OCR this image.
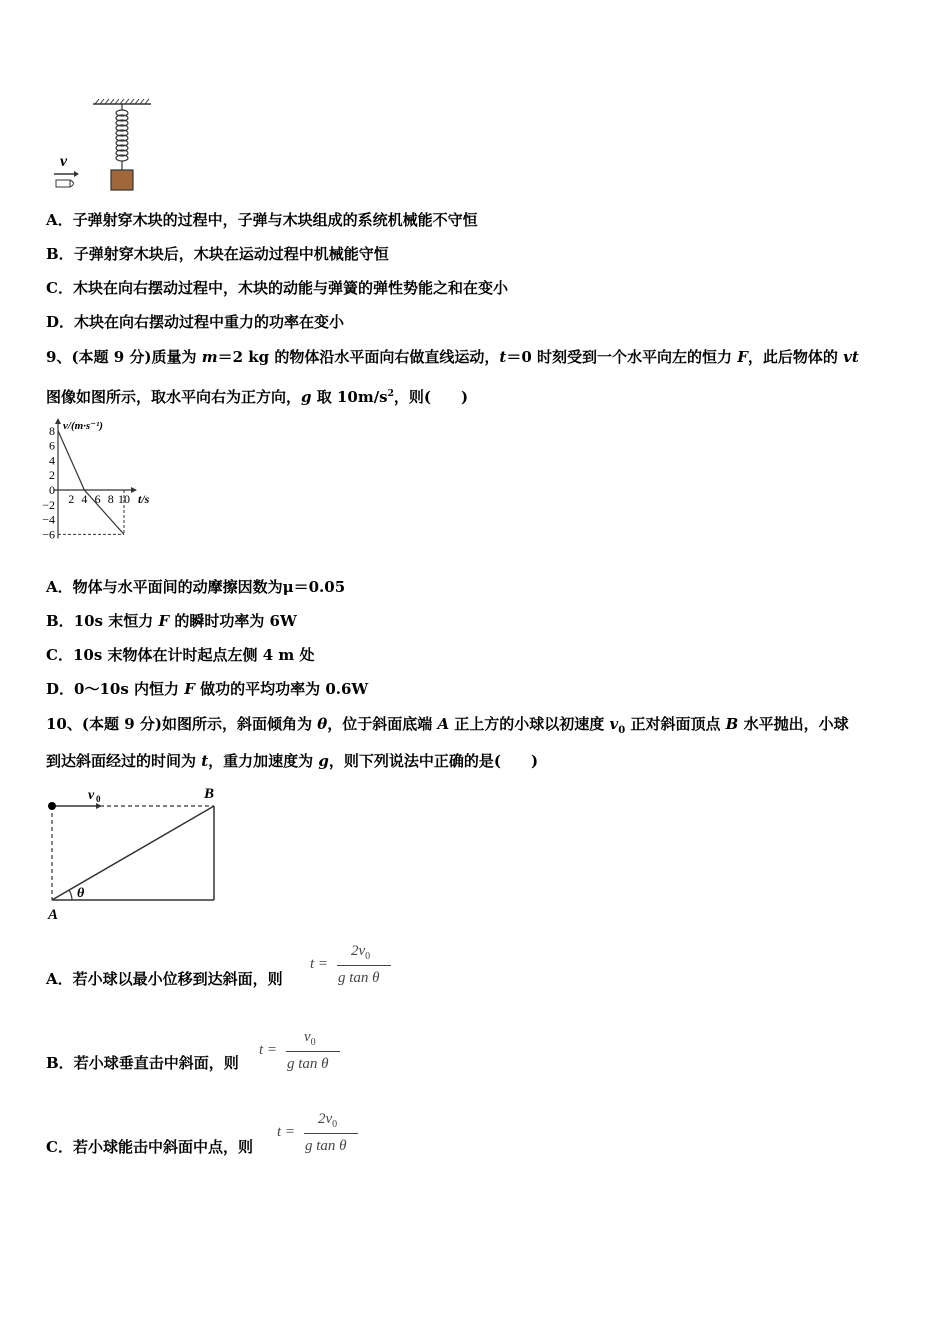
v
A．子弹射穿木块的过程中，子弹与木块组成的系统机械能不守恒
B．子弹射穿木块后，木块在运动过程中机械能守恒
C．木块在向右摆动过程中，木块的动能与弹簧的弹性势能之和在变小
D．木块在向右摆动过程中重力的功率在变小
9、(本题 9 分)质量为 m＝2 kg 的物体沿水平面向右做直线运动，t＝0 时刻受到一个水平向左的恒力 F，此后物体的 vt
图像如图所示，取水平向右为正方向，g 取 $10m/s^2$，则(　　)
8
6
4
2
0
−2
−4
−6
2 4 6 8 10
v/(m·s⁻¹)
t/s
A．物体与水平面间的动摩擦因数为μ＝0.05
B．10s 末恒力 F 的瞬时功率为 6W
C．10s 末物体在计时起点左侧 4 m 处
D．0～10s 内恒力 F 做功的平均功率为 0.6W
10、(本题 9 分)如图所示，斜面倾角为 θ，位于斜面底端 A 正上方的小球以初速度 $v_0$ 正对斜面顶点 B 水平抛出，小球
到达斜面经过的时间为 t，重力加速度为 g，则下列说法中正确的是(　　)
θ
v 0	B
A
A．若小球以最小位移到达斜面，则
t =
$2v_0$
g tan θ
B．若小球垂直击中斜面，则
t =
$v_0$
g tan θ
C．若小球能击中斜面中点，则
t =
$2v_0$
g tan θ
